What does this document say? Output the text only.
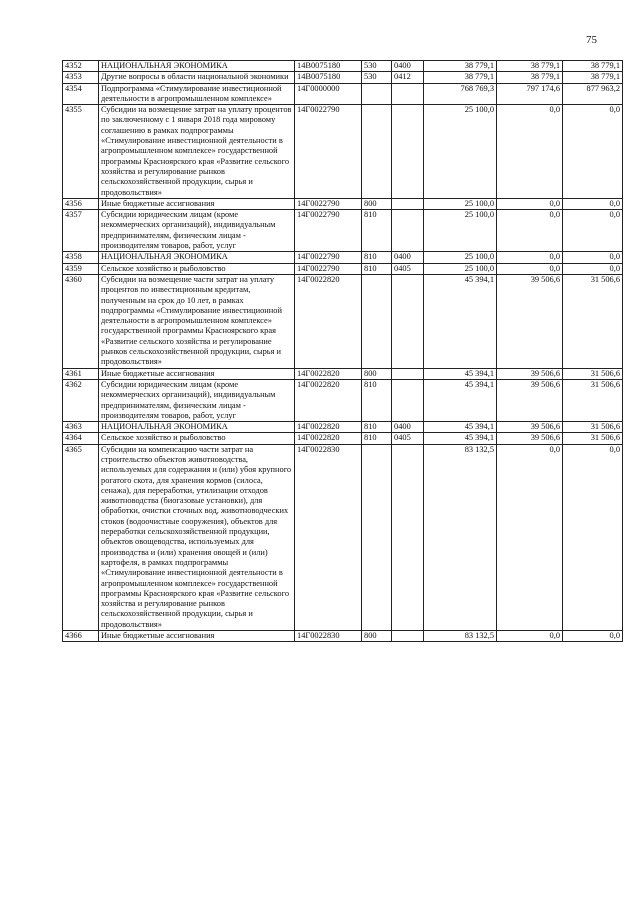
75
4352	НАЦИОНАЛЬНАЯ ЭКОНОМИКА	14В0075180	530	0400	38 779,1	38 779,1	38 779,1
4353	Другие вопросы в области национальной экономики	14В0075180	530	0412	38 779,1	38 779,1	38 779,1
4354	Подпрограмма «Стимулирование инвестиционной деятельности в агропромышленном комплексе»	14Г0000000			768 769,3	797 174,6	877 963,2
4355	Субсидии на возмещение затрат на уплату процентов по заключенному с 1 января 2018 года мировому соглашению в рамках подпрограммы «Стимулирование инвестиционной деятельности в агропромышленном комплексе» государственной программы Красноярского края «Развитие сельского хозяйства и регулирование рынков сельскохозяйственной продукции, сырья и продовольствия»	14Г0022790			25 100,0	0,0	0,0
4356	Иные бюджетные ассигнования	14Г0022790	800		25 100,0	0,0	0,0
4357	Субсидии юридическим лицам (кроме некоммерческих организаций), индивидуальным предпринимателям, физическим лицам - производителям товаров, работ, услуг	14Г0022790	810		25 100,0	0,0	0,0
4358	НАЦИОНАЛЬНАЯ ЭКОНОМИКА	14Г0022790	810	0400	25 100,0	0,0	0,0
4359	Сельское хозяйство и рыболовство	14Г0022790	810	0405	25 100,0	0,0	0,0
4360	Субсидии на возмещение части затрат на уплату процентов по инвестиционным кредитам, полученным на срок до 10 лет, в рамках подпрограммы «Стимулирование инвестиционной деятельности в агропромышленном комплексе» государственной программы Красноярского края «Развитие сельского хозяйства и регулирование рынков сельскохозяйственной продукции, сырья и продовольствия»	14Г0022820			45 394,1	39 506,6	31 506,6
4361	Иные бюджетные ассигнования	14Г0022820	800		45 394,1	39 506,6	31 506,6
4362	Субсидии юридическим лицам (кроме некоммерческих организаций), индивидуальным предпринимателям, физическим лицам - производителям товаров, работ, услуг	14Г0022820	810		45 394,1	39 506,6	31 506,6
4363	НАЦИОНАЛЬНАЯ ЭКОНОМИКА	14Г0022820	810	0400	45 394,1	39 506,6	31 506,6
4364	Сельское хозяйство и рыболовство	14Г0022820	810	0405	45 394,1	39 506,6	31 506,6
4365	Субсидии на компенсацию части затрат на строительство объектов животноводства, используемых для содержания и (или) убоя крупного рогатого скота, для хранения кормов (силоса, сенажа), для переработки, утилизации отходов животноводства (биогазовые установки), для обработки, очистки сточных вод, животноводческих стоков (водоочистные сооружения), объектов для переработки сельскохозяйственной продукции, объектов овощеводства, используемых для производства и (или) хранения овощей и (или) картофеля, в рамках подпрограммы «Стимулирование инвестиционной деятельности в агропромышленном комплексе» государственной программы Красноярского края «Развитие сельского хозяйства и регулирование рынков сельскохозяйственной продукции, сырья и продовольствия»	14Г0022830			83 132,5	0,0	0,0
4366	Иные бюджетные ассигнования	14Г0022830	800		83 132,5	0,0	0,0
